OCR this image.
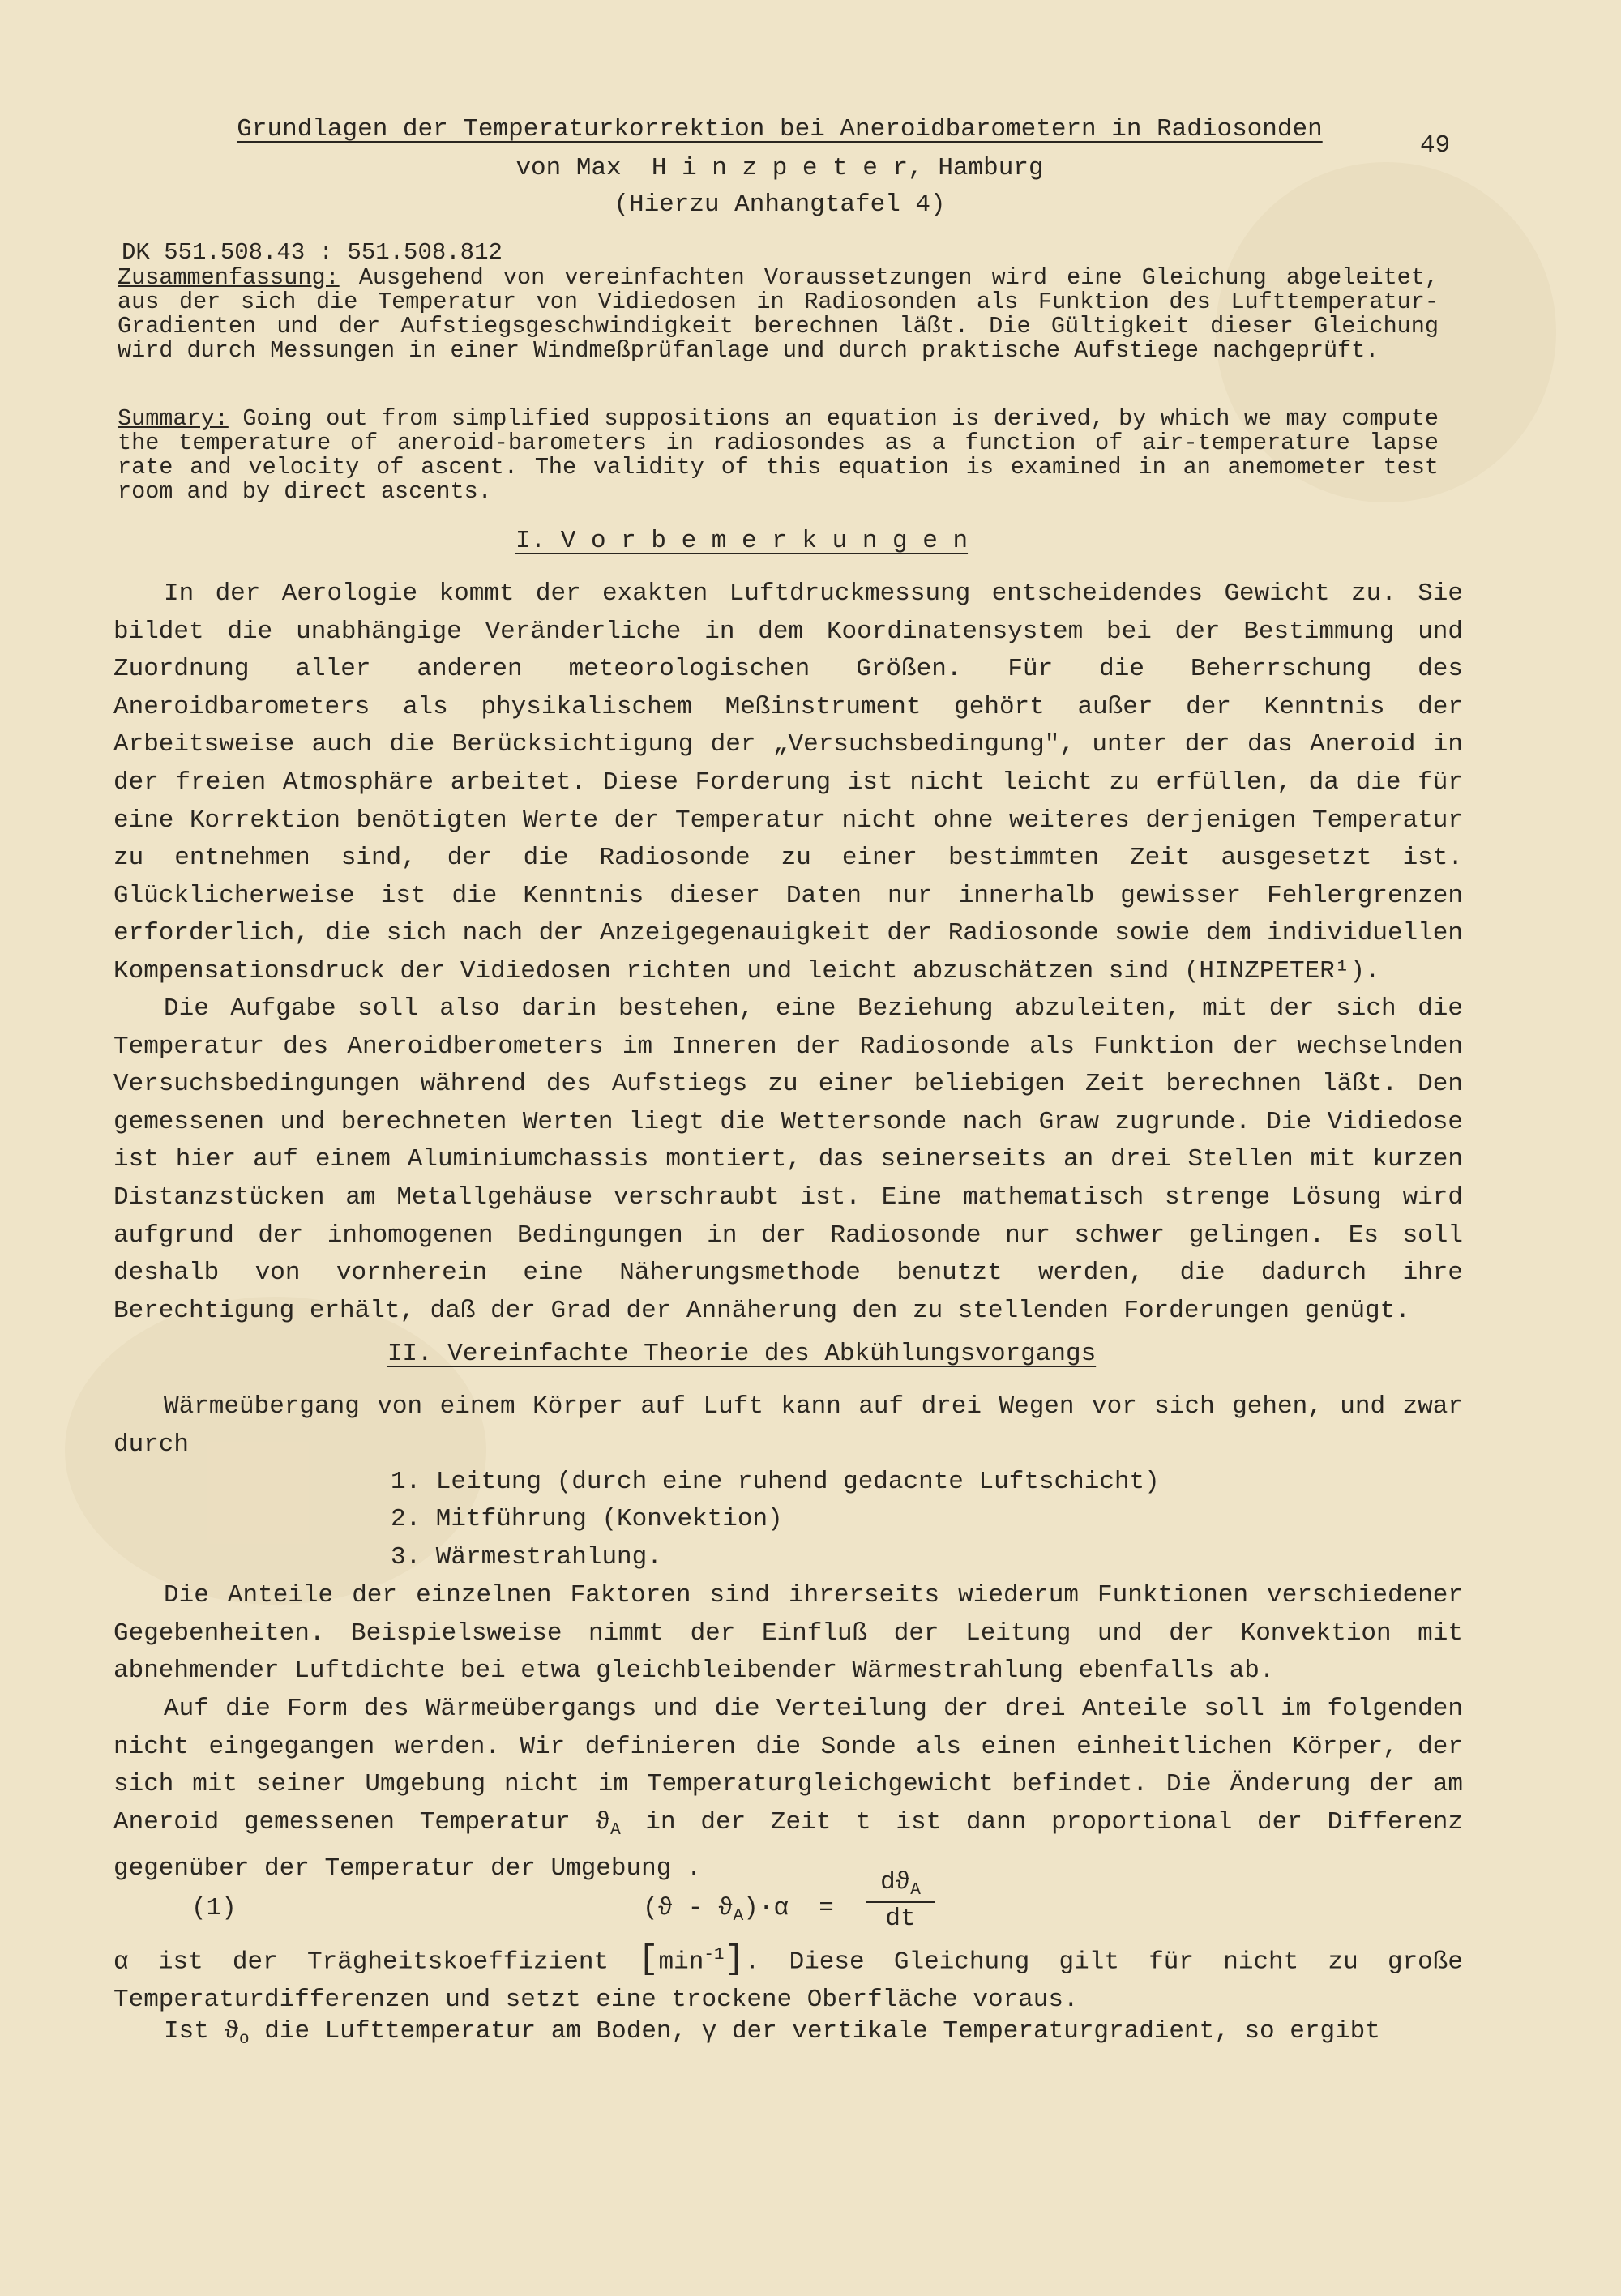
Grundlagen der Temperaturkorrektion bei Aneroidbarometern in Radiosonden
49
von Max  H i n z p e t e r, Hamburg
(Hierzu Anhangtafel 4)
DK 551.508.43 : 551.508.812
Zusammenfassung: Ausgehend von vereinfachten Voraussetzungen wird eine Gleichung abgeleitet, aus der sich die Temperatur von Vidiedosen in Radiosonden als Funktion des Lufttemperatur-Gradienten und der Aufstiegsgeschwindigkeit berechnen läßt. Die Gültigkeit dieser Gleichung wird durch Messungen in einer Windmeßprüfanlage und durch praktische Aufstiege nachgeprüft.
Summary: Going out from simplified suppositions an equation is derived, by which we may compute the temperature of aneroid-barometers in radiosondes as a function of air-temperature lapse rate and velocity of ascent. The validity of this equation is examined in an anemometer test room and by direct ascents.
I. V o r b e m e r k u n g e n
In der Aerologie kommt der exakten Luftdruckmessung entscheidendes Gewicht zu. Sie bildet die unabhängige Veränderliche in dem Koordinatensystem bei der Bestimmung und Zuordnung aller anderen meteorologischen Größen. Für die Beherrschung des Aneroidbarometers als physikalischem Meßinstrument gehört außer der Kenntnis der Arbeitsweise auch die Berücksichtigung der „Versuchsbedingung", unter der das Aneroid in der freien Atmosphäre arbeitet. Diese Forderung ist nicht leicht zu erfüllen, da die für eine Korrektion benötigten Werte der Temperatur nicht ohne weiteres derjenigen Temperatur zu entnehmen sind, der die Radiosonde zu einer bestimmten Zeit ausgesetzt ist. Glücklicherweise ist die Kenntnis dieser Daten nur innerhalb gewisser Fehlergrenzen erforderlich, die sich nach der Anzeigegenauigkeit der Radiosonde sowie dem individuellen Kompensationsdruck der Vidiedosen richten und leicht abzuschätzen sind (HINZPETER¹).
Die Aufgabe soll also darin bestehen, eine Beziehung abzuleiten, mit der sich die Temperatur des Aneroidberometers im Inneren der Radiosonde als Funktion der wechselnden Versuchsbedingungen während des Aufstiegs zu einer beliebigen Zeit berechnen läßt. Den gemessenen und berechneten Werten liegt die Wettersonde nach Graw zugrunde. Die Vidiedose ist hier auf einem Aluminiumchassis montiert, das seinerseits an drei Stellen mit kurzen Distanzstücken am Metallgehäuse verschraubt ist. Eine mathematisch strenge Lösung wird aufgrund der inhomogenen Bedingungen in der Radiosonde nur schwer gelingen. Es soll deshalb von vornherein eine Näherungsmethode benutzt werden, die dadurch ihre Berechtigung erhält, daß der Grad der Annäherung den zu stellenden Forderungen genügt.
II. Vereinfachte Theorie des Abkühlungsvorgangs
Wärmeübergang von einem Körper auf Luft kann auf drei Wegen vor sich gehen, und zwar durch
1. Leitung (durch eine ruhend gedacnte Luftschicht)
2. Mitführung (Konvektion)
3. Wärmestrahlung.
Die Anteile der einzelnen Faktoren sind ihrerseits wiederum Funktionen verschiedener Gegebenheiten. Beispielsweise nimmt der Einfluß der Leitung und der Konvektion mit abnehmender Luftdichte bei etwa gleichbleibender Wärmestrahlung ebenfalls ab.
Auf die Form des Wärmeübergangs und die Verteilung der drei Anteile soll im folgenden nicht eingegangen werden. Wir definieren die Sonde als einen einheitlichen Körper, der sich mit seiner Umgebung nicht im Temperaturgleichgewicht befindet. Die Änderung der am Aneroid gemessenen Temperatur $ϑ_A$ in der Zeit t ist dann proportional der Differenz gegenüber der Temperatur der Umgebung .
(1)	$(ϑ - ϑ_A)\cdot\alpha$  =
$dϑ_A$
dt
α ist der Trägheitskoeffizient $[\min^{-1}]$. Diese Gleichung gilt für nicht zu große Temperaturdifferenzen und setzt eine trockene Oberfläche voraus.
Ist $ϑ_o$ die Lufttemperatur am Boden, γ der vertikale Temperaturgradient, so ergibt
